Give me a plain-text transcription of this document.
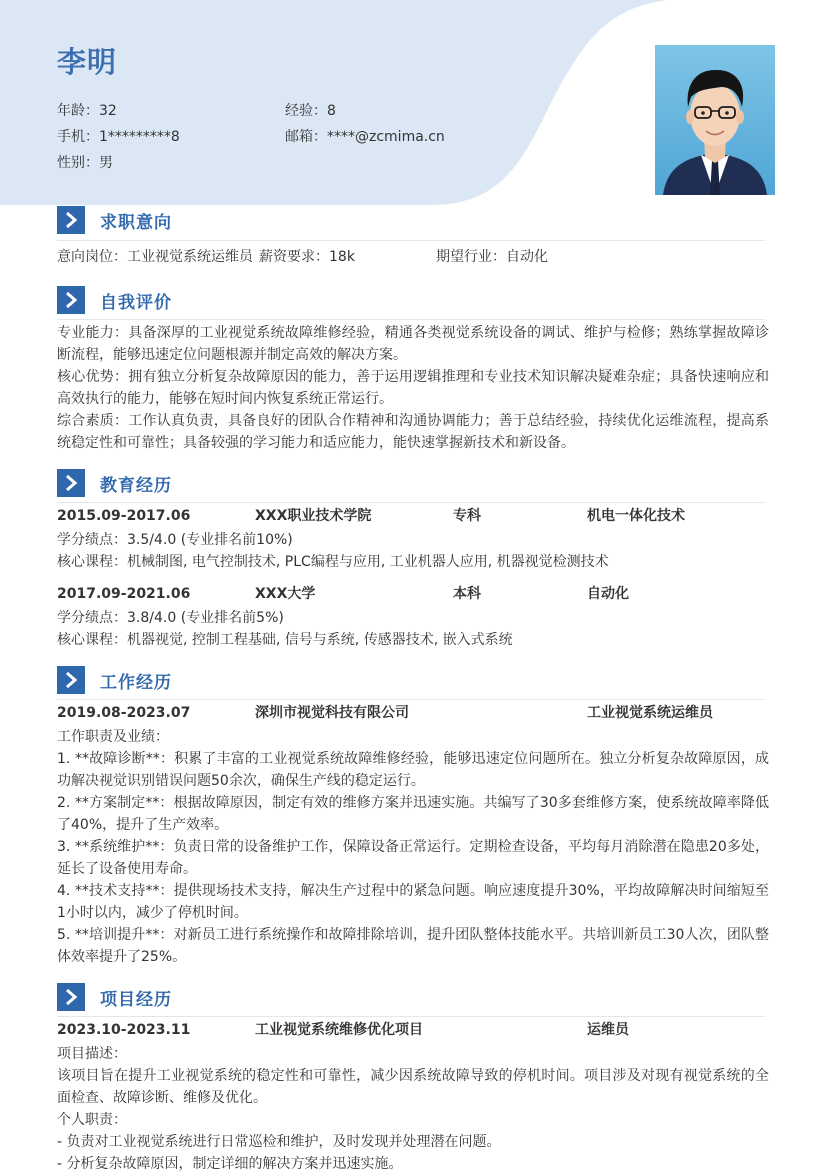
李明
年龄：32	经验：8
手机：1*********8	邮箱：****@zcmima.cn
性别：男
求职意向
意向岗位：工业视觉系统运维员 薪资要求：18k	期望行业：自动化
自我评价
专业能力：具备深厚的工业视觉系统故障维修经验，精通各类视觉系统设备的调试、维护与检修；熟练掌握故障诊断流程，能够迅速定位问题根源并制定高效的解决方案。
核心优势：拥有独立分析复杂故障原因的能力，善于运用逻辑推理和专业技术知识解决疑难杂症；具备快速响应和高效执行的能力，能够在短时间内恢复系统正常运行。
综合素质：工作认真负责，具备良好的团队合作精神和沟通协调能力；善于总结经验，持续优化运维流程，提高系统稳定性和可靠性；具备较强的学习能力和适应能力，能快速掌握新技术和新设备。
教育经历
2015.09-2017.06	XXX职业技术学院	专科	机电一体化技术
学分绩点：3.5/4.0 (专业排名前10%)
核心课程：机械制图, 电气控制技术, PLC编程与应用, 工业机器人应用, 机器视觉检测技术
2017.09-2021.06	XXX大学	本科	自动化
学分绩点：3.8/4.0 (专业排名前5%)
核心课程：机器视觉, 控制工程基础, 信号与系统, 传感器技术, 嵌入式系统
工作经历
2019.08-2023.07	深圳市视觉科技有限公司	工业视觉系统运维员
工作职责及业绩：
1. **故障诊断**：积累了丰富的工业视觉系统故障维修经验，能够迅速定位问题所在。独立分析复杂故障原因，成功解决视觉识别错误问题50余次，确保生产线的稳定运行。
2. **方案制定**：根据故障原因，制定有效的维修方案并迅速实施。共编写了30多套维修方案，使系统故障率降低了40%，提升了生产效率。
3. **系统维护**：负责日常的设备维护工作，保障设备正常运行。定期检查设备，平均每月消除潜在隐患20多处，延长了设备使用寿命。
4. **技术支持**：提供现场技术支持，解决生产过程中的紧急问题。响应速度提升30%，平均故障解决时间缩短至1小时以内，减少了停机时间。
5. **培训提升**：对新员工进行系统操作和故障排除培训，提升团队整体技能水平。共培训新员工30人次，团队整体效率提升了25%。
项目经历
2023.10-2023.11	工业视觉系统维修优化项目	运维员
项目描述：
该项目旨在提升工业视觉系统的稳定性和可靠性，减少因系统故障导致的停机时间。项目涉及对现有视觉系统的全面检查、故障诊断、维修及优化。
个人职责：
- 负责对工业视觉系统进行日常巡检和维护，及时发现并处理潜在问题。
- 分析复杂故障原因，制定详细的解决方案并迅速实施。
